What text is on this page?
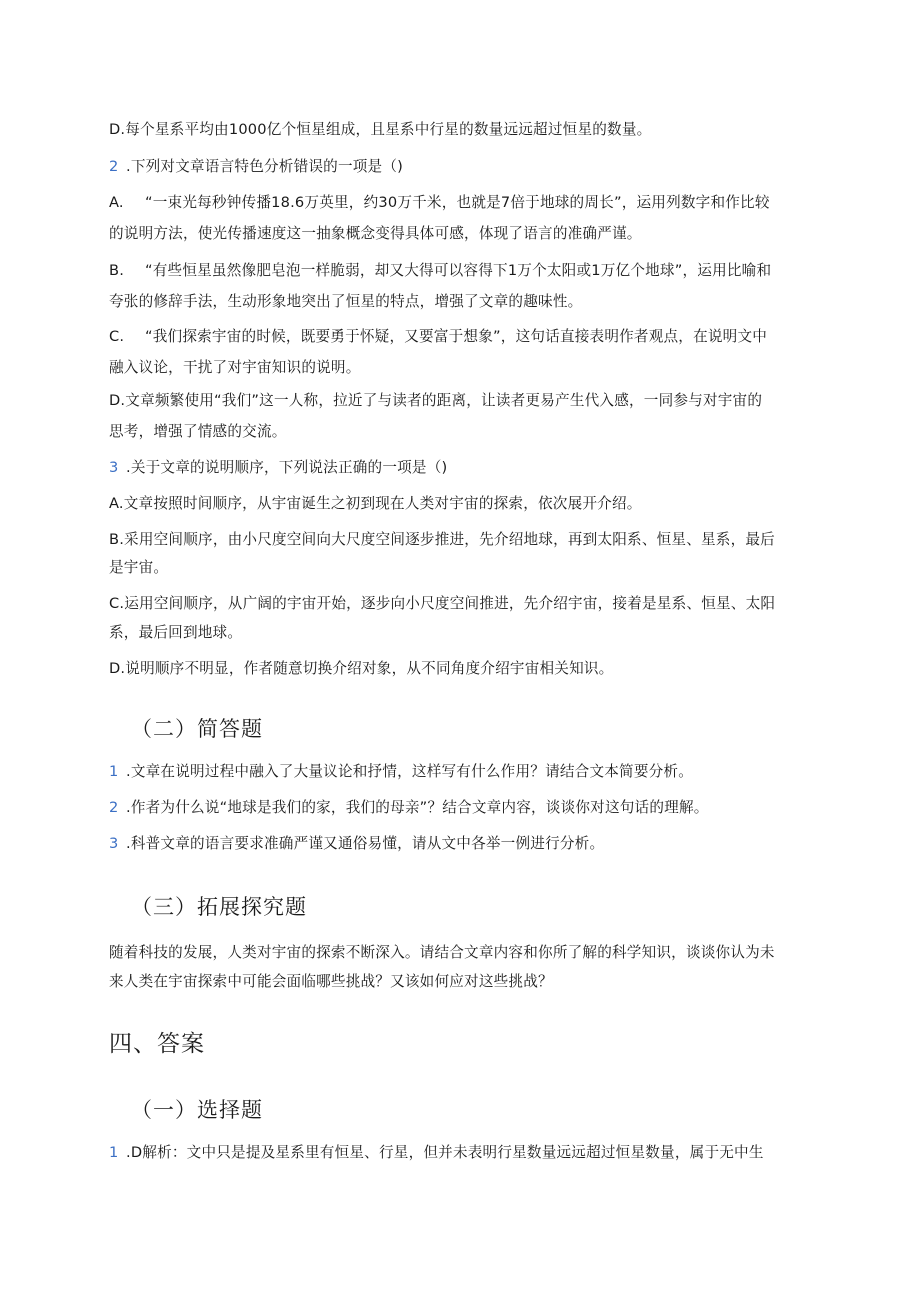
D.每个星系平均由1000亿个恒星组成，且星系中行星的数量远远超过恒星的数量。

2 .下列对文章语言特色分析错误的一项是（)

A. “一束光每秒钟传播18.6万英里，约30万千米，也就是7倍于地球的周长”，运用列数字和作比较

的说明方法，使光传播速度这一抽象概念变得具体可感，体现了语言的准确严谨。

B. “有些恒星虽然像肥皂泡一样脆弱，却又大得可以容得下1万个太阳或1万亿个地球”，运用比喻和

夸张的修辞手法，生动形象地突出了恒星的特点，增强了文章的趣味性。

C. “我们探索宇宙的时候，既要勇于怀疑，又要富于想象”，这句话直接表明作者观点，在说明文中

融入议论，干扰了对宇宙知识的说明。

D.文章频繁使用“我们”这一人称，拉近了与读者的距离，让读者更易产生代入感，一同参与对宇宙的

思考，增强了情感的交流。

3 .关于文章的说明顺序，下列说法正确的一项是（)

A.文章按照时间顺序，从宇宙诞生之初到现在人类对宇宙的探索，依次展开介绍。

B.采用空间顺序，由小尺度空间向大尺度空间逐步推进，先介绍地球，再到太阳系、恒星、星系，最后

是宇宙。

C.运用空间顺序，从广阔的宇宙开始，逐步向小尺度空间推进，先介绍宇宙，接着是星系、恒星、太阳

系，最后回到地球。

D.说明顺序不明显，作者随意切换介绍对象，从不同角度介绍宇宙相关知识。

（二）简答题

1 .文章在说明过程中融入了大量议论和抒情，这样写有什么作用？请结合文本简要分析。

2 .作者为什么说“地球是我们的家，我们的母亲”？结合文章内容，谈谈你对这句话的理解。

3 .科普文章的语言要求准确严谨又通俗易懂，请从文中各举一例进行分析。

（三）拓展探究题

随着科技的发展，人类对宇宙的探索不断深入。请结合文章内容和你所了解的科学知识，谈谈你认为未

来人类在宇宙探索中可能会面临哪些挑战？又该如何应对这些挑战？

四、答案
（一）选择题

1 .D解析：文中只是提及星系里有恒星、行星，但并未表明行星数量远远超过恒星数量，属于无中生
